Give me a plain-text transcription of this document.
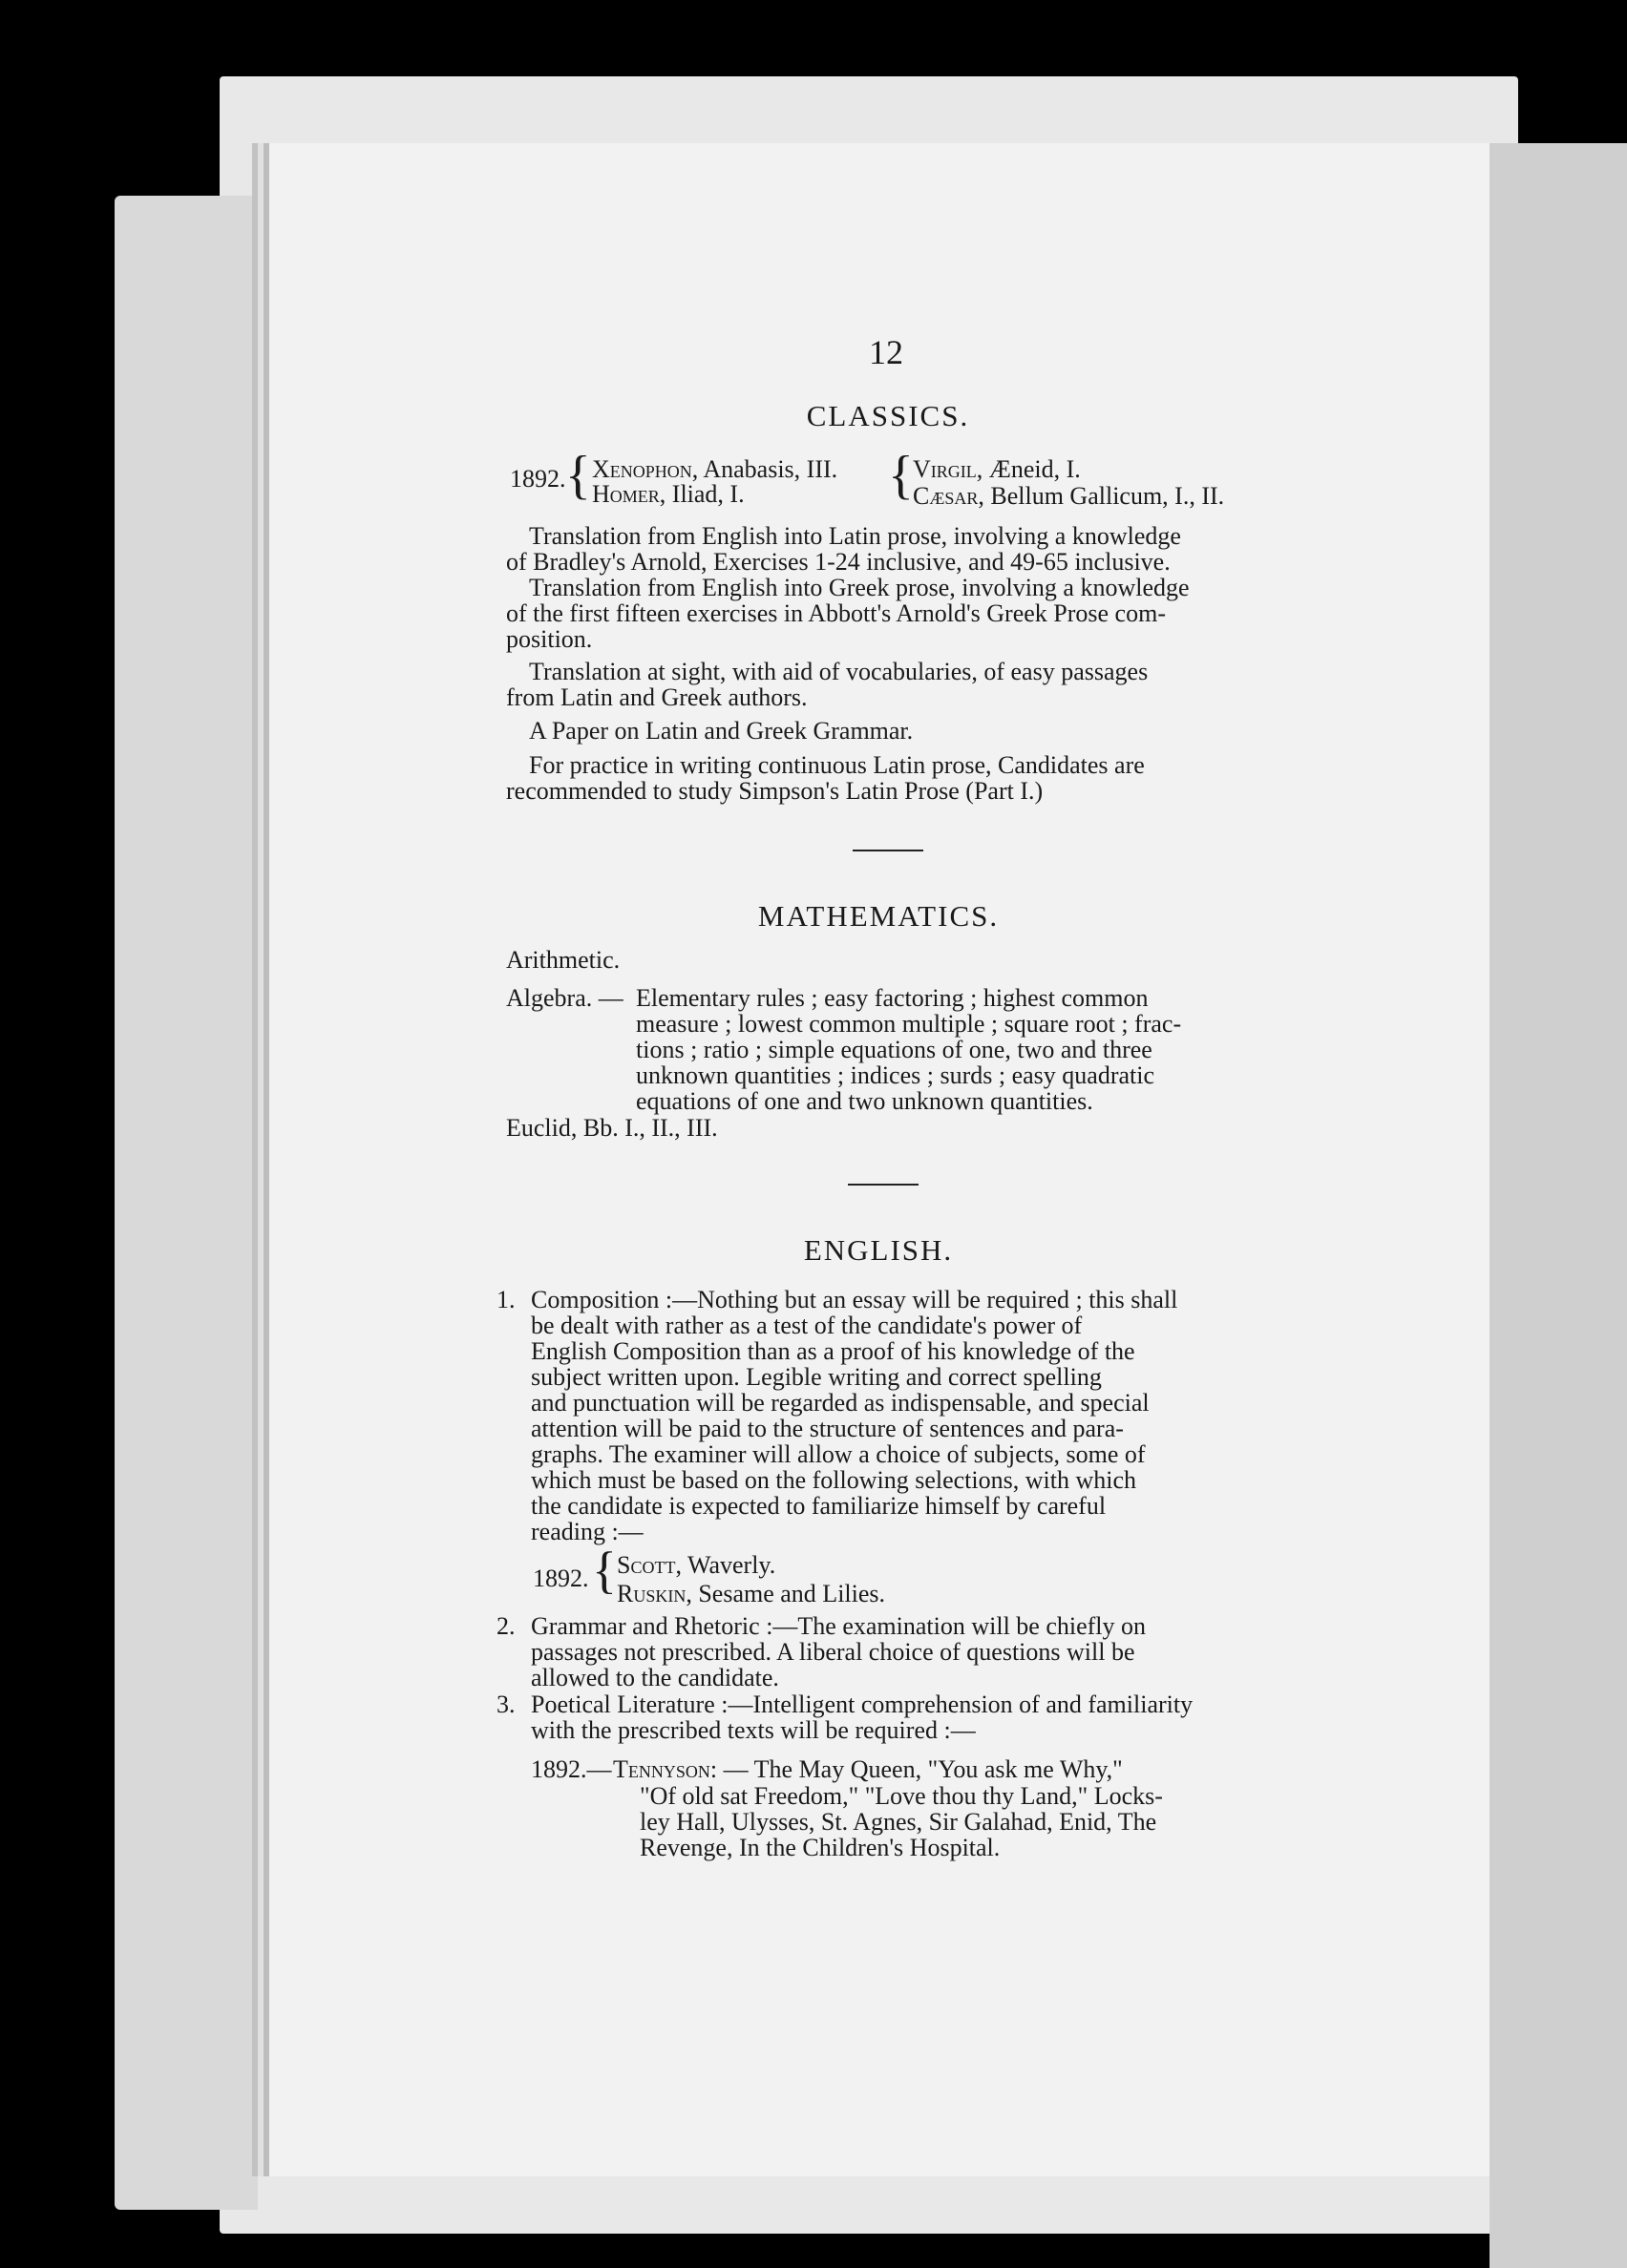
12
CLASSICS.
1892. { Xenophon, Anabasis, III.
Homer, Iliad, I.	{ Virgil, Æneid, I.
Cæsar, Bellum Gallicum, I., II.
Translation from English into Latin prose, involving a knowledge
of Bradley's Arnold, Exercises 1-24 inclusive, and 49-65 inclusive.
Translation from English into Greek prose, involving a knowledge
of the first fifteen exercises in Abbott's Arnold's Greek Prose com-
position.
Translation at sight, with aid of vocabularies, of easy passages
from Latin and Greek authors.
A Paper on Latin and Greek Grammar.
For practice in writing continuous Latin prose, Candidates are
recommended to study Simpson's Latin Prose (Part I.)
MATHEMATICS.
Arithmetic.
Algebra. — Elementary rules ; easy factoring ; highest common
measure ; lowest common multiple ; square root ; frac-
tions ; ratio ; simple equations of one, two and three
unknown quantities ; indices ; surds ; easy quadratic
equations of one and two unknown quantities.
Euclid, Bb. I., II., III.
ENGLISH.
1. Composition :—Nothing but an essay will be required ; this shall
be dealt with rather as a test of the candidate's power of
English Composition than as a proof of his knowledge of the
subject written upon. Legible writing and correct spelling
and punctuation will be regarded as indispensable, and special
attention will be paid to the structure of sentences and para-
graphs. The examiner will allow a choice of subjects, some of
which must be based on the following selections, with which
the candidate is expected to familiarize himself by careful
reading :—
1892. { Scott, Waverly.
Ruskin, Sesame and Lilies.
2. Grammar and Rhetoric :—The examination will be chiefly on
passages not prescribed. A liberal choice of questions will be
allowed to the candidate.
3. Poetical Literature :—Intelligent comprehension of and familiarity
with the prescribed texts will be required :—
1892.— Tennyson: — The May Queen, "You ask me Why,"
"Of old sat Freedom," "Love thou thy Land," Locks-
ley Hall, Ulysses, St. Agnes, Sir Galahad, Enid, The
Revenge, In the Children's Hospital.
